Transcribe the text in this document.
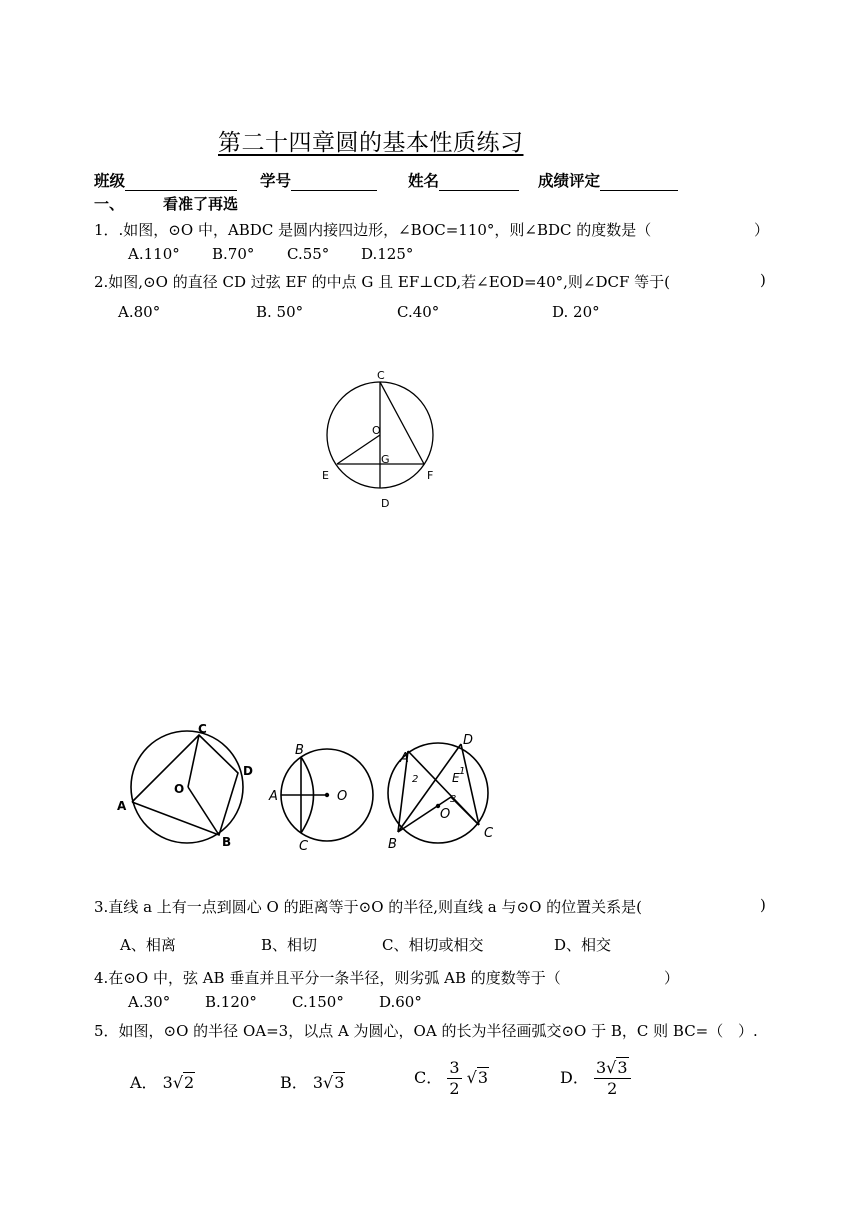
第二十四章圆的基本性质练习
班级	学号	姓名	成绩评定
一、	看准了再选
1．.如图，⊙O 中，ABDC 是圆内接四边形，∠BOC=110°，则∠BDC 的度数是（	）
A.110° B.70° C.55° D.125°
2.如图,⊙O 的直径 CD 过弦 EF 的中点 G 且 EF⊥CD,若∠EOD=40°,则∠DCF 等于(	)
A.80°	B. 50°	C.40°	D. 20°
C
O
G
E	F
D
C
D
A
O
B
B
A	O
C
A
D
E 1
2
3
O
B
C
3.直线 a 上有一点到圆心 O 的距离等于⊙O 的半径,则直线 a 与⊙O 的位置关系是(	)
A、相离	B、相切	C、相切或相交	D、相交
4.在⊙O 中，弦 AB 垂直并且平分一条半径，则劣弧 AB 的度数等于（	）
A.30° B.120° C.150° D.60°
5．如图，⊙O 的半径 OA=3，以点 A 为圆心，OA 的长为半径画弧交⊙O 于 B，C 则 BC=（ ）.
A． 3√2	B． 3√3	C． $\frac{3}{2} √3$	D． $\frac{3√3}{2}$
